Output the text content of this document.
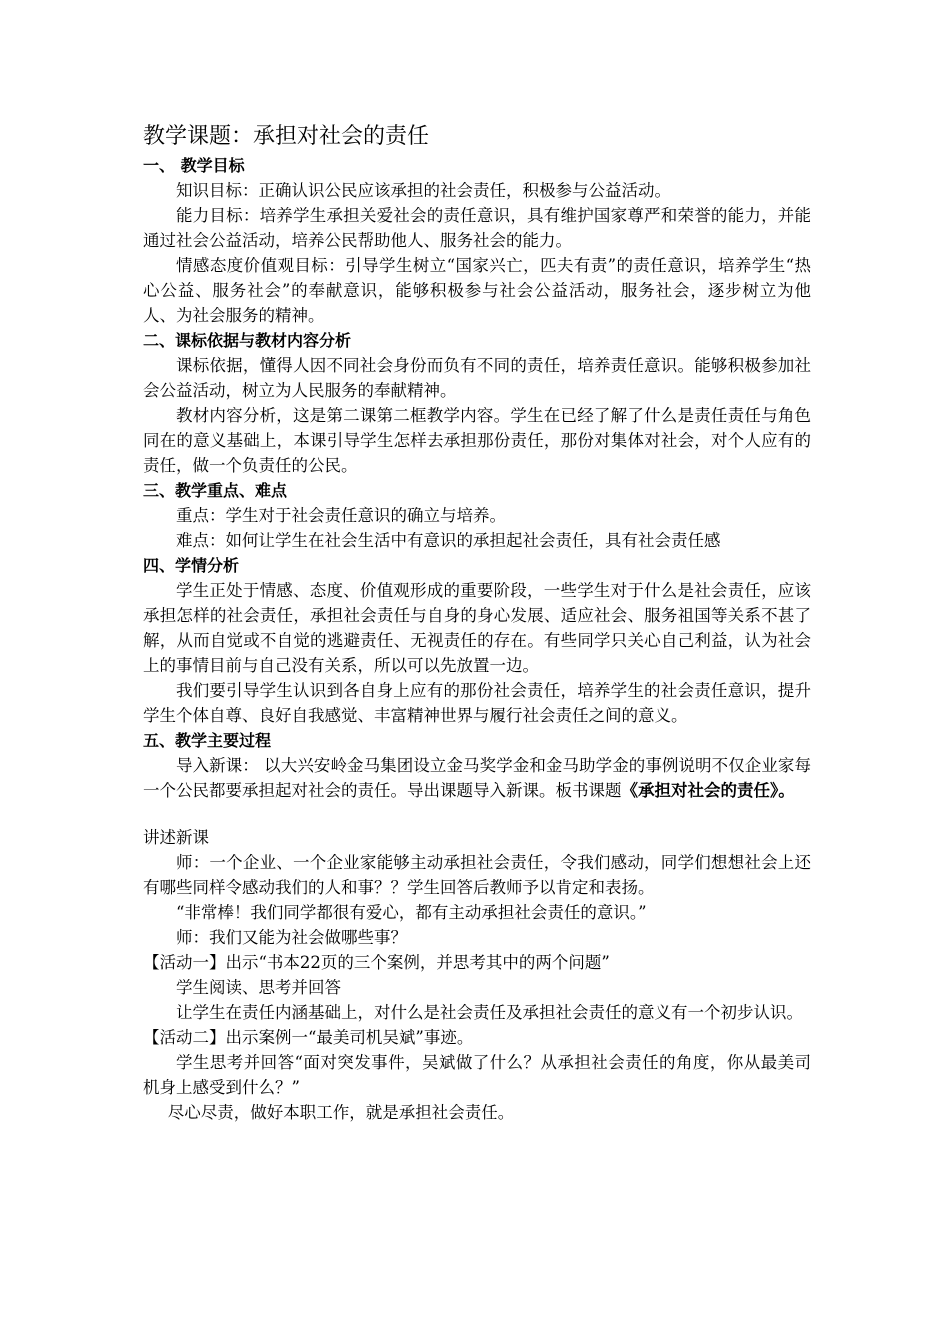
教学课题：承担对社会的责任
一、 教学目标

知识目标：正确认识公民应该承担的社会责任，积极参与公益活动。

能力目标：培养学生承担关爱社会的责任意识，具有维护国家尊严和荣誉的能力，并能通过社会公益活动，培养公民帮助他人、服务社会的能力。

情感态度价值观目标：引导学生树立“国家兴亡，匹夫有责”的责任意识，培养学生“热心公益、服务社会”的奉献意识，能够积极参与社会公益活动，服务社会，逐步树立为他人、为社会服务的精神。

二、课标依据与教材内容分析

课标依据，懂得人因不同社会身份而负有不同的责任，培养责任意识。能够积极参加社会公益活动，树立为人民服务的奉献精神。

教材内容分析，这是第二课第二框教学内容。学生在已经了解了什么是责任责任与角色同在的意义基础上，本课引导学生怎样去承担那份责任，那份对集体对社会，对个人应有的责任，做一个负责任的公民。

三、教学重点、难点

重点：学生对于社会责任意识的确立与培养。

难点：如何让学生在社会生活中有意识的承担起社会责任，具有社会责任感

四、学情分析

学生正处于情感、态度、价值观形成的重要阶段，一些学生对于什么是社会责任，应该承担怎样的社会责任，承担社会责任与自身的身心发展、适应社会、服务祖国等关系不甚了解，从而自觉或不自觉的逃避责任、无视责任的存在。有些同学只关心自己利益，认为社会上的事情目前与自己没有关系，所以可以先放置一边。

我们要引导学生认识到各自身上应有的那份社会责任，培养学生的社会责任意识，提升学生个体自尊、良好自我感觉、丰富精神世界与履行社会责任之间的意义。

五、教学主要过程

导入新课： 以大兴安岭金马集团设立金马奖学金和金马助学金的事例说明不仅企业家每一个公民都要承担起对社会的责任。导出课题导入新课。板书课题《承担对社会的责任》。

讲述新课

师：一个企业、一个企业家能够主动承担社会责任，令我们感动，同学们想想社会上还有哪些同样令感动我们的人和事？？学生回答后教师予以肯定和表扬。

“非常棒！我们同学都很有爱心，都有主动承担社会责任的意识。”

师：我们又能为社会做哪些事？

【活动一】出示“书本22页的三个案例，并思考其中的两个问题”

学生阅读、思考并回答

让学生在责任内涵基础上，对什么是社会责任及承担社会责任的意义有一个初步认识。

【活动二】出示案例一“最美司机吴斌”事迹。

学生思考并回答“面对突发事件，吴斌做了什么？从承担社会责任的角度，你从最美司机身上感受到什么？”

尽心尽责，做好本职工作，就是承担社会责任。
